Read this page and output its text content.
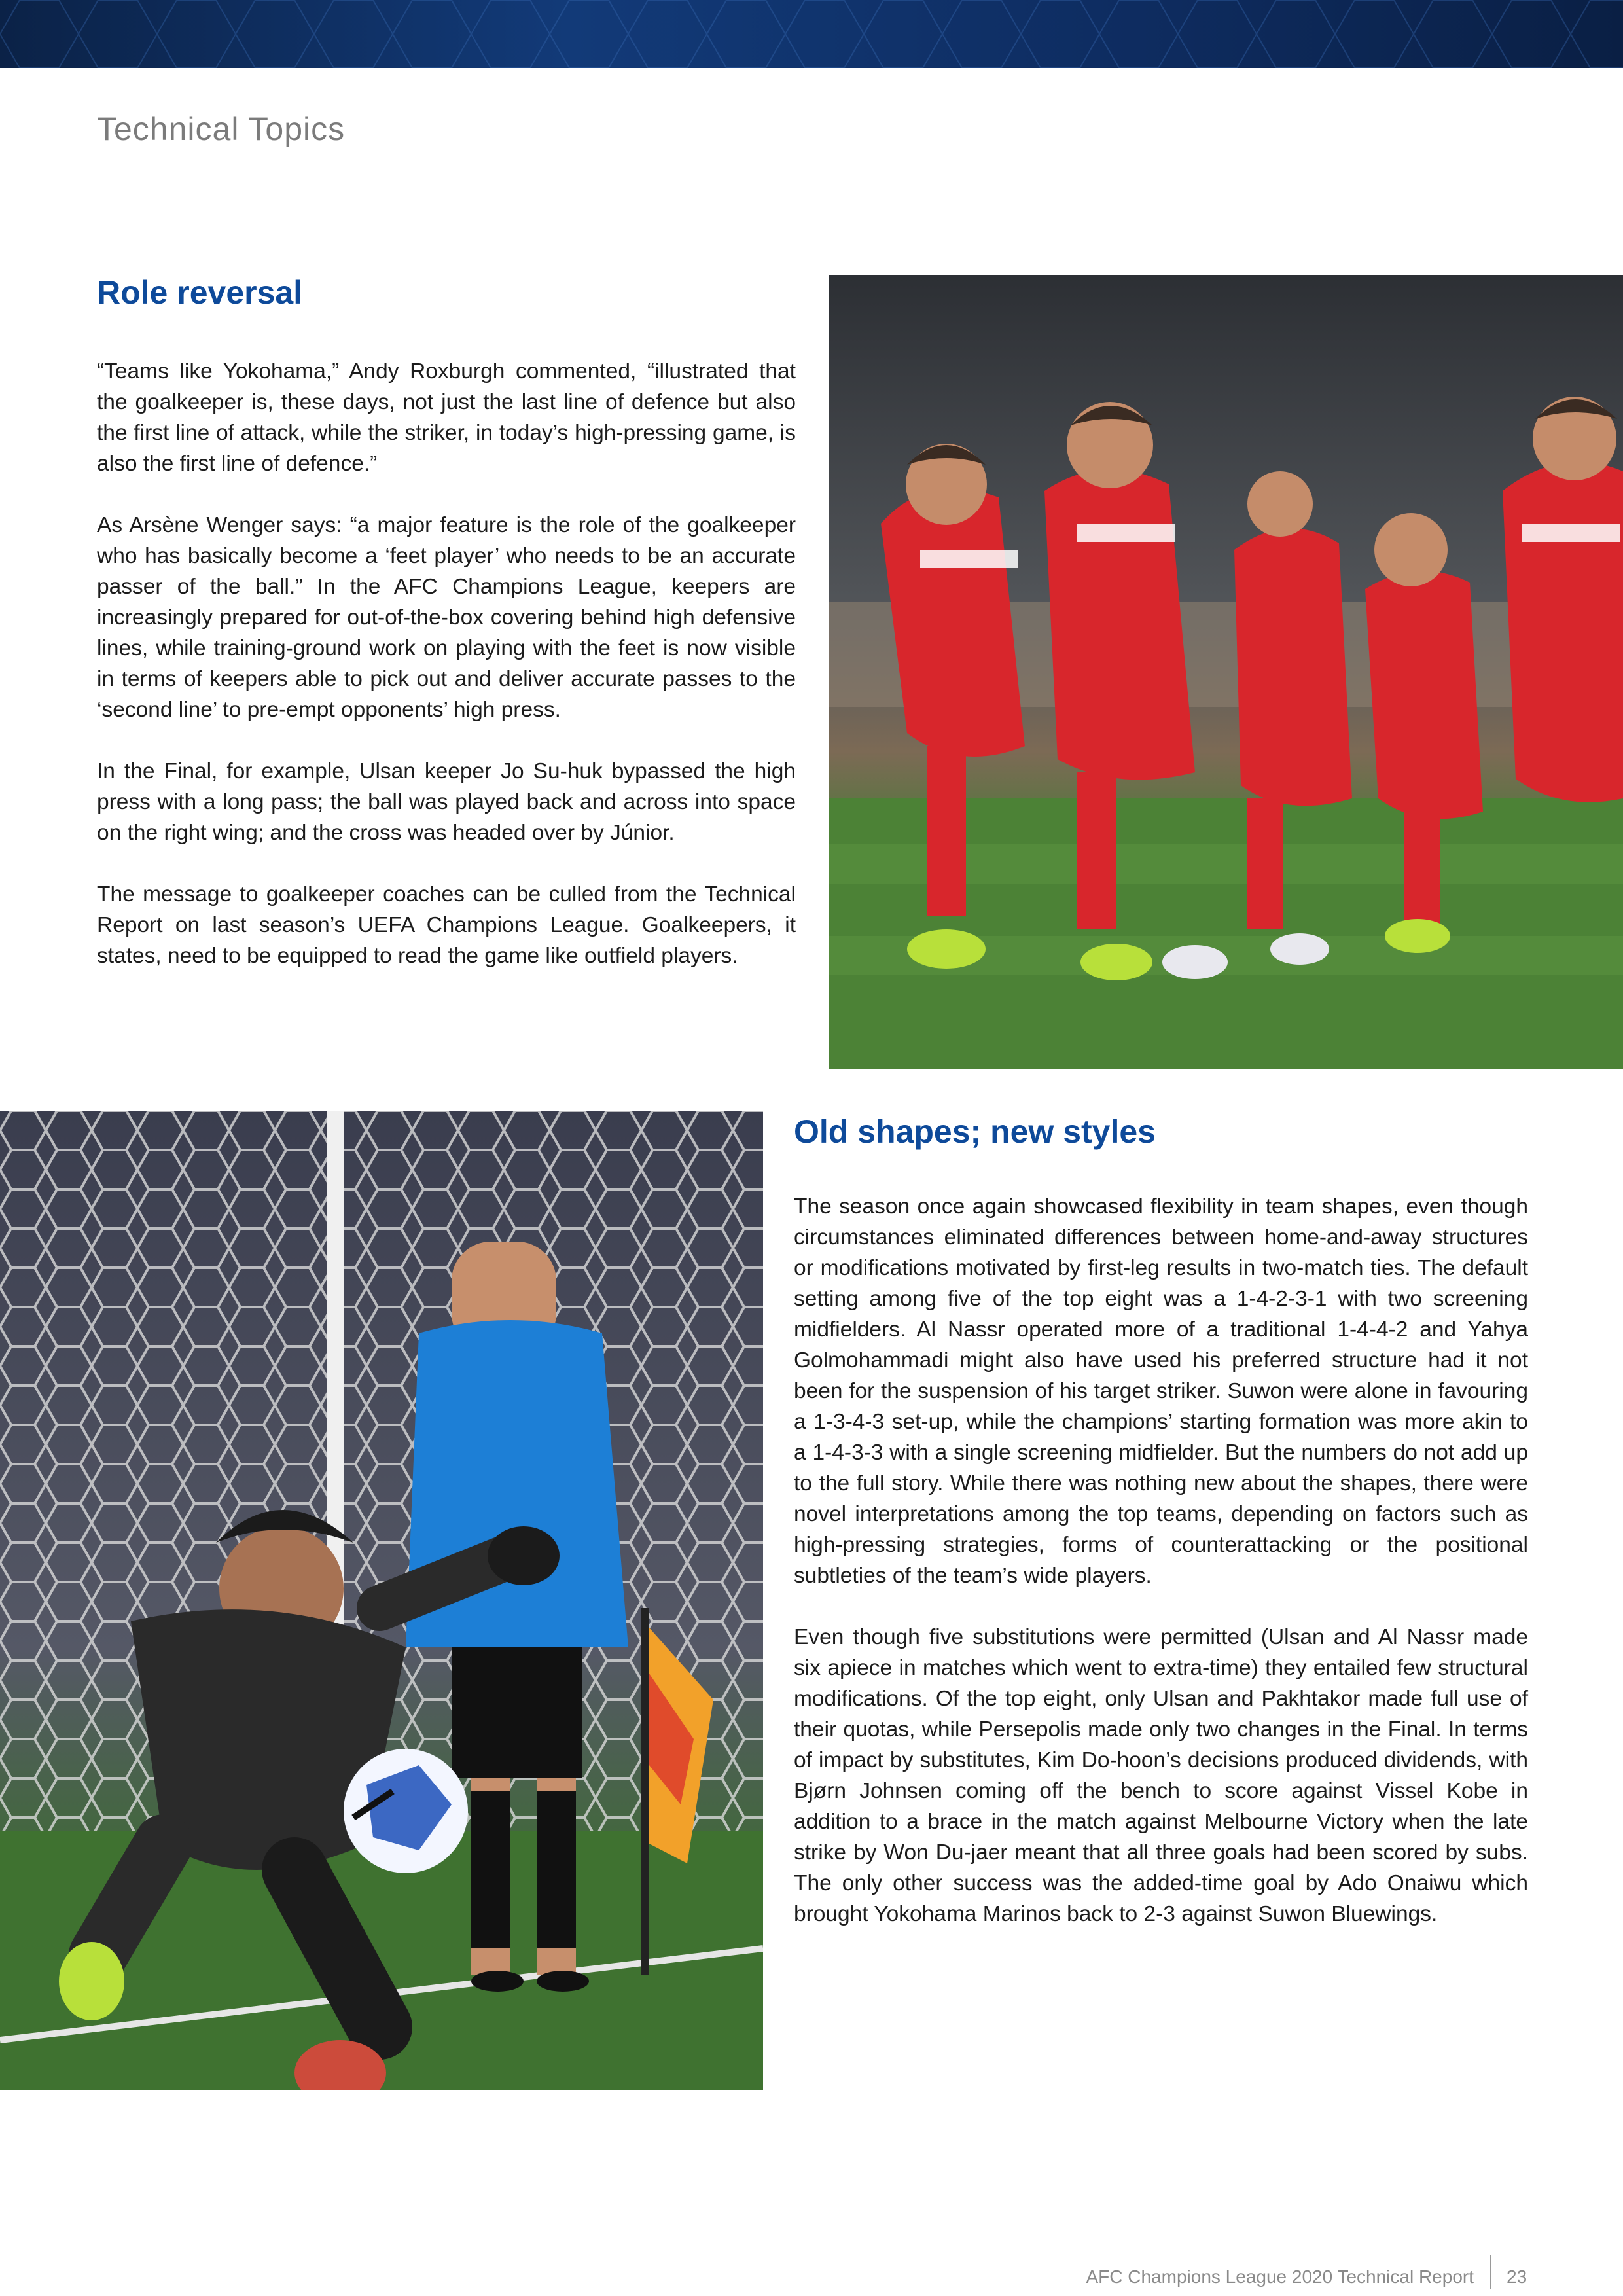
Technical Topics
Role reversal

“Teams like Yokohama,” Andy Roxburgh commented, “illustrated that the goalkeeper is, these days, not just the last line of defence but also the first line of attack, while the striker, in today’s high-pressing game, is also the first line of defence.”

As Arsène Wenger says: “a major feature is the role of the goalkeeper who has basically become a ‘feet player’ who needs to be an accurate passer of the ball.” In the AFC Champions League, keepers are increasingly prepared for out-of-the-box covering behind high defensive lines, while training-ground work on playing with the feet is now visible in terms of keepers able to pick out and deliver accurate passes to the ‘second line’ to pre-empt opponents’ high press.

In the Final, for example, Ulsan keeper Jo Su-huk bypassed the high press with a long pass; the ball was played back and across into space on the right wing; and the cross was headed over by Júnior.

The message to goalkeeper coaches can be culled from the Technical Report on last season’s UEFA Champions League. Goalkeepers, it states, need to be equipped to read the game like outfield players.

Old shapes; new styles

The season once again showcased flexibility in team shapes, even though circumstances eliminated differences between home-and-away structures or modifications motivated by first-leg results in two-match ties. The default setting among five of the top eight was a 1-4-2-3-1 with two screening midfielders. Al Nassr operated more of a traditional 1-4-4-2 and Yahya Golmohammadi might also have used his preferred structure had it not been for the suspension of his target striker. Suwon were alone in favouring a 1-3-4-3 set-up, while the champions’ starting formation was more akin to a 1-4-3-3 with a single screening midfielder. But the numbers do not add up to the full story. While there was nothing new about the shapes, there were novel interpretations among the top teams, depending on factors such as high-pressing strategies, forms of counterattacking or the positional subtleties of the team’s wide players.

Even though five substitutions were permitted (Ulsan and Al Nassr made six apiece in matches which went to extra-time) they entailed few structural modifications. Of the top eight, only Ulsan and Pakhtakor made full use of their quotas, while Persepolis made only two changes in the Final. In terms of impact by substitutes, Kim Do-hoon’s decisions produced dividends, with Bjørn Johnsen coming off the bench to score against Vissel Kobe in addition to a brace in the match against Melbourne Victory when the late strike by Won Du-jaer meant that all three goals had been scored by subs. The only other success was the added-time goal by Ado Onaiwu which brought Yokohama Marinos back to 2-3 against Suwon Bluewings.

AFC Champions League 2020 Technical Report 23
